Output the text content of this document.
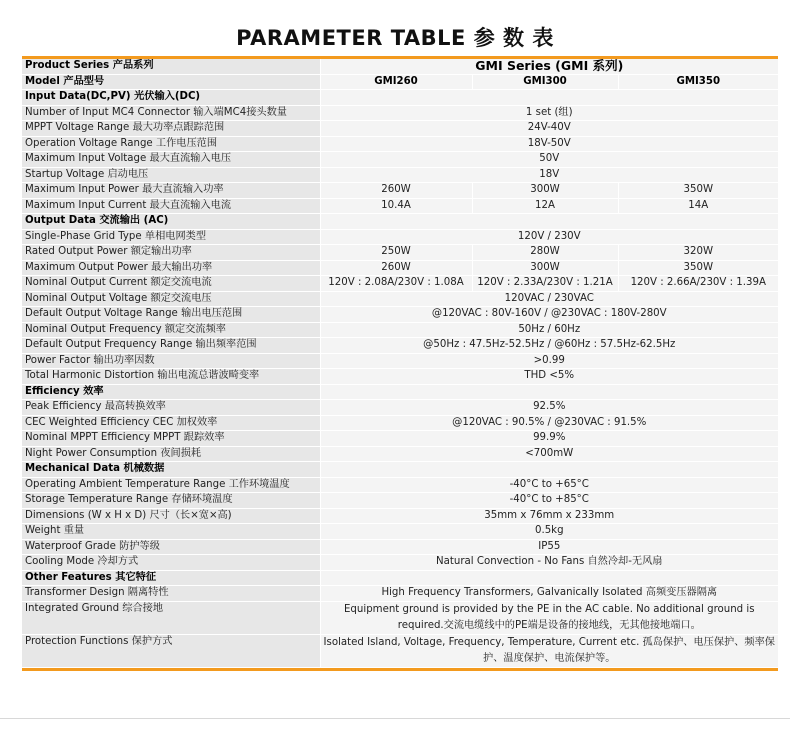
PARAMETER TABLE 参 数 表
Product Series 产品系列	GMI Series (GMI 系列)		
Model 产品型号	GMI260	GMI300	GMI350
Input Data(DC,PV) 光伏输入(DC)			
Number of Input MC4 Connector 输入端MC4接头数量	1 set (组)		
MPPT Voltage Range 最大功率点跟踪范围	24V-40V		
Operation Voltage Range 工作电压范围	18V-50V		
Maximum Input Voltage 最大直流输入电压	50V		
Startup Voltage 启动电压	18V		
Maximum Input Power 最大直流输入功率	260W	300W	350W
Maximum Input Current 最大直流输入电流	10.4A	12A	14A
Output Data 交流输出 (AC)			
Single-Phase Grid Type 单相电网类型	120V / 230V		
Rated Output Power 额定输出功率	250W	280W	320W
Maximum Output Power 最大输出功率	260W	300W	350W
Nominal Output Current 额定交流电流	120V : 2.08A/230V : 1.08A	120V : 2.33A/230V : 1.21A	120V : 2.66A/230V : 1.39A
Nominal Output Voltage 额定交流电压	120VAC / 230VAC		
Default Output Voltage Range 输出电压范围	@120VAC : 80V-160V / @230VAC : 180V-280V		
Nominal Output Frequency 额定交流频率	50Hz / 60Hz		
Default Output Frequency Range 输出频率范围	@50Hz : 47.5Hz-52.5Hz / @60Hz : 57.5Hz-62.5Hz		
Power Factor 输出功率因数	>0.99		
Total Harmonic Distortion 输出电流总谐波畸变率	THD <5%		
Efficiency 效率			
Peak Efficiency 最高转换效率	92.5%		
CEC Weighted Efficiency CEC 加权效率	@120VAC : 90.5% / @230VAC : 91.5%		
Nominal MPPT Efficiency MPPT 跟踪效率	99.9%		
Night Power Consumption 夜间损耗	<700mW		
Mechanical Data 机械数据			
Operating Ambient Temperature Range 工作环境温度	-40°C to +65°C		
Storage Temperature Range 存储环境温度	-40°C to +85°C		
Dimensions (W x H x D) 尺寸（长×宽×高)	35mm x 76mm x 233mm		
Weight 重量	0.5kg		
Waterproof Grade 防护等级	IP55		
Cooling Mode 冷却方式	Natural Convection - No Fans 自然冷却-无风扇		
Other Features 其它特征			
Transformer Design 隔离特性	High Frequency Transformers, Galvanically Isolated 高频变压器隔离		
Integrated Ground 综合接地	Equipment ground is provided by the PE in the AC cable. No additional ground is required.交流电缆线中的PE端是设备的接地线，无其他接地端口。		
Protection Functions 保护方式	Isolated Island, Voltage, Frequency, Temperature, Current etc. 孤岛保护、电压保护、频率保护、温度保护、电流保护等。		
